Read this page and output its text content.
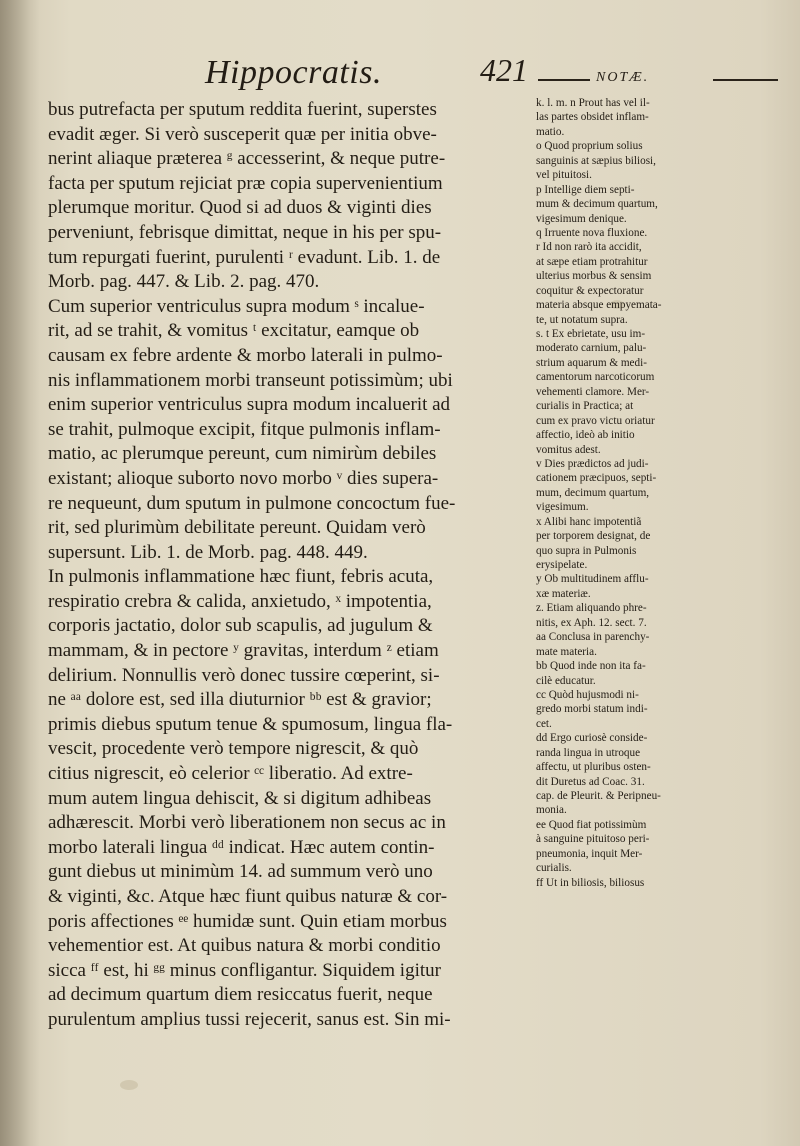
Hippocratis.	421	NOTÆ.
bus putrefacta per sputum reddita fuerint, superstes
evadit æger. Si verò susceperit quæ per initia obve-
nerint aliaque præterea ᵍ accesserint, & neque putre-
facta per sputum rejiciat præ copia supervenientium
plerumque moritur. Quod si ad duos & viginti dies
perveniunt, febrisque dimittat, neque in his per spu-
tum repurgati fuerint, purulenti ʳ evadunt. Lib. 1. de
Morb. pag. 447. & Lib. 2. pag. 470.
Cum superior ventriculus supra modum ˢ incalue-
rit, ad se trahit, & vomitus ᵗ excitatur, eamque ob
causam ex febre ardente & morbo laterali in pulmo-
nis inflammationem morbi transeunt potissimùm; ubi
enim superior ventriculus supra modum incaluerit ad
se trahit, pulmoque excipit, fitque pulmonis inflam-
matio, ac plerumque pereunt, cum nimirùm debiles
existant; alioque suborto novo morbo ᵛ dies supera-
re nequeunt, dum sputum in pulmone concoctum fue-
rit, sed plurimùm debilitate pereunt. Quidam verò
supersunt. Lib. 1. de Morb. pag. 448. 449.
In pulmonis inflammatione hæc fiunt, febris acuta,
respiratio crebra & calida, anxietudo, ˣ impotentia,
corporis jactatio, dolor sub scapulis, ad jugulum &
mammam, & in pectore ʸ gravitas, interdum ᶻ etiam
delirium. Nonnullis verò donec tussire cœperint, si-
ne ᵃᵃ dolore est, sed illa diuturnior ᵇᵇ est & gravior;
primis diebus sputum tenue & spumosum, lingua fla-
vescit, procedente verò tempore nigrescit, & quò
citius nigrescit, eò celerior ᶜᶜ liberatio. Ad extre-
mum autem lingua dehiscit, & si digitum adhibeas
adhærescit. Morbi verò liberationem non secus ac in
morbo laterali lingua ᵈᵈ indicat. Hæc autem contin-
gunt diebus ut minimùm 14. ad summum verò uno
& viginti, &c. Atque hæc fiunt quibus naturæ & cor-
poris affectiones ᵉᵉ humidæ sunt. Quin etiam morbus
vehementior est. At quibus natura & morbi conditio
sicca ᶠᶠ est, hi ᵍᵍ minus confligantur. Siquidem igitur
ad decimum quartum diem resiccatus fuerit, neque
purulentum amplius tussi rejecerit, sanus est. Sin mi-
k. l. m. n Prout has vel il-
las partes obsidet inflam-
matio.
o Quod proprium solius
sanguinis at sæpius biliosi,
vel pituitosi.
p Intellige diem septi-
mum & decimum quartum,
vigesimum denique.
q Irruente nova fluxione.
r Id non rarò ita accidit,
at sæpe etiam protrahitur
ulterius morbus & sensim
coquitur & expectoratur
materia absque empyemata-
te, ut notatum supra.
s. t Ex ebrietate, usu im-
moderato carnium, palu-
strium aquarum & medi-
camentorum narcoticorum
vehementi clamore. Mer-
curialis in Practica; at
cum ex pravo victu oriatur
affectio, ideò ab initio
vomitus adest.
v Dies prædictos ad judi-
cationem præcipuos, septi-
mum, decimum quartum,
vigesimum.
x Alibi hanc impotentiã
per torporem designat, de
quo supra in Pulmonis
erysipelate.
y Ob multitudinem afflu-
xæ materiæ.
z. Etiam aliquando phre-
nitis, ex Aph. 12. sect. 7.
aa Conclusa in parenchy-
mate materia.
bb Quod inde non ita fa-
cilè educatur.
cc Quòd hujusmodi ni-
gredo morbi statum indi-
cet.
dd Ergo curiosè conside-
randa lingua in utroque
affectu, ut pluribus osten-
dit Duretus ad Coac. 31.
cap. de Pleurit. & Peripneu-
monia.
ee Quod fiat potissimùm
à sanguine pituitoso peri-
pneumonia, inquit Mer-
curialis.
ff Ut in biliosis, biliosus
